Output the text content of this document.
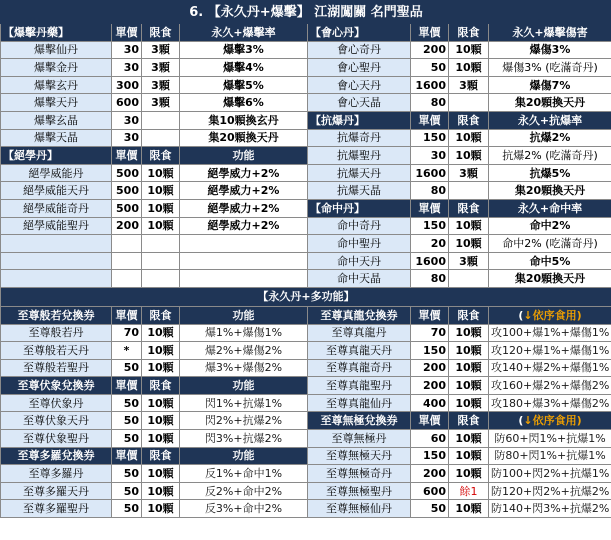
6. 【永久丹+爆擊】 江湖闖關 名門聖品							
【爆擊丹藥】	單價	限食	永久+爆擊率	【會心丹】	單價	限食	永久+爆擊傷害
爆擊仙丹	30	3顆	爆擊3%	會心奇丹	200	10顆	爆傷3%
爆擊金丹	30	3顆	爆擊4%	會心聖丹	50	10顆	爆傷3% (吃滿奇丹)
爆擊玄丹	300	3顆	爆擊5%	會心天丹	1600	3顆	爆傷7%
爆擊天丹	600	3顆	爆擊6%	會心天晶	80		集20顆換天丹
爆擊玄晶	30		集10顆換玄丹	【抗爆丹】	單價	限食	永久+抗爆率
爆擊天晶	30		集20顆換天丹	抗爆奇丹	150	10顆	抗爆2%
【絕學丹】	單價	限食	功能	抗爆聖丹	30	10顆	抗爆2% (吃滿奇丹)
絕學威能丹	500	10顆	絕學威力+2%	抗爆天丹	1600	3顆	抗爆5%
絕學威能天丹	500	10顆	絕學威力+2%	抗爆天晶	80		集20顆換天丹
絕學威能奇丹	500	10顆	絕學威力+2%	【命中丹】	單價	限食	永久+命中率
絕學威能聖丹	200	10顆	絕學威力+2%	命中奇丹	150	10顆	命中2%
				命中聖丹	20	10顆	命中2% (吃滿奇丹)
				命中天丹	1600	3顆	命中5%
				命中天晶	80		集20顆換天丹
【永久丹+多功能】							
至尊般若兌換券	單價	限食	功能	至尊真龍兌換券	單價	限食	(↓依序食用)
至尊般若丹	70	10顆	爆1%+爆傷1%	至尊真龍丹	70	10顆	攻100+爆1%+爆傷1%
至尊般若天丹	*	10顆	爆2%+爆傷2%	至尊真龍天丹	150	10顆	攻120+爆1%+爆傷1%
至尊般若聖丹	50	10顆	爆3%+爆傷2%	至尊真龍奇丹	200	10顆	攻140+爆2%+爆傷1%
至尊伏象兌換券	單價	限食	功能	至尊真龍聖丹	200	10顆	攻160+爆2%+爆傷2%
至尊伏象丹	50	10顆	閃1%+抗爆1%	至尊真龍仙丹	400	10顆	攻180+爆3%+爆傷2%
至尊伏象天丹	50	10顆	閃2%+抗爆2%	至尊無極兌換券	單價	限食	(↓依序食用)
至尊伏象聖丹	50	10顆	閃3%+抗爆2%	至尊無極丹	60	10顆	防60+閃1%+抗爆1%
至尊多羅兌換券	單價	限食	功能	至尊無極天丹	150	10顆	防80+閃1%+抗爆1%
至尊多羅丹	50	10顆	反1%+命中1%	至尊無極奇丹	200	10顆	防100+閃2%+抗爆1%
至尊多羅天丹	50	10顆	反2%+命中2%	至尊無極聖丹	600	餘1	防120+閃2%+抗爆2%
至尊多羅聖丹	50	10顆	反3%+命中2%	至尊無極仙丹	50	10顆	防140+閃3%+抗爆2%
